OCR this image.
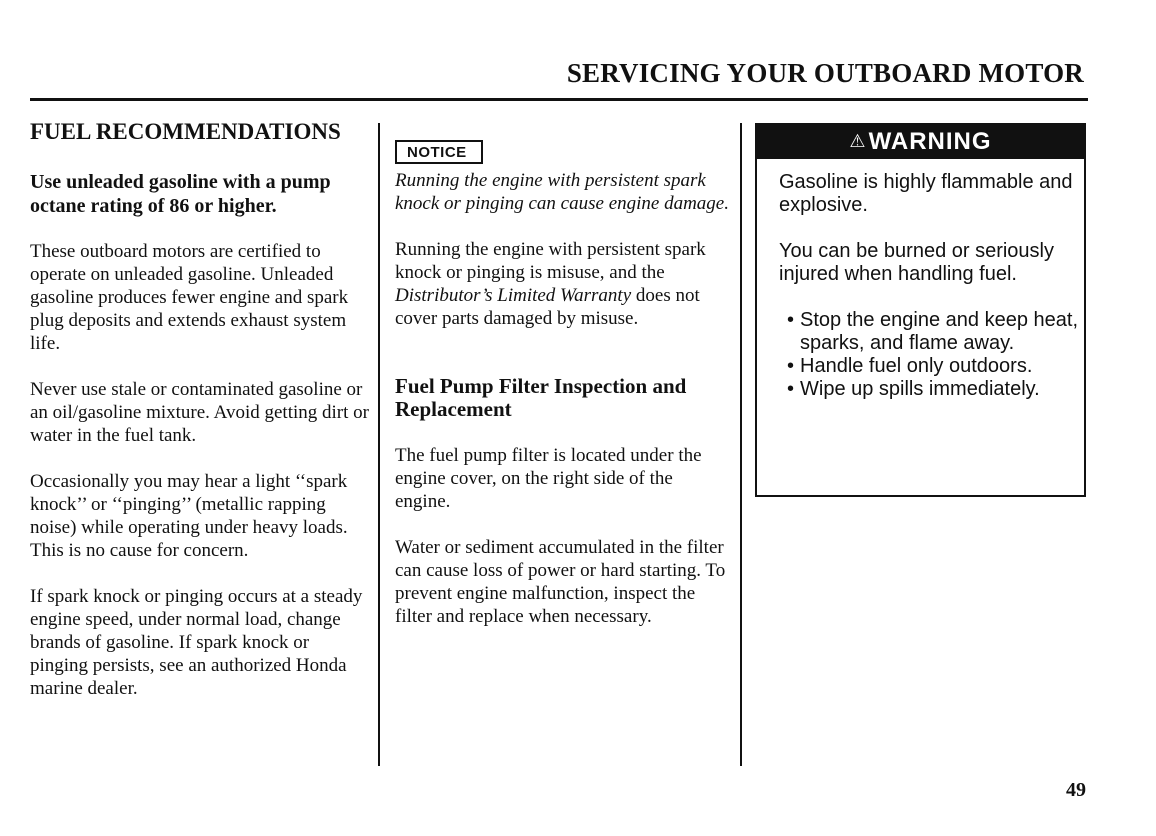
SERVICING YOUR OUTBOARD MOTOR

FUEL RECOMMENDATIONS

Use unleaded gasoline with a pump octane rating of 86 or higher.

These outboard motors are certified to operate on unleaded gasoline. Unleaded gasoline produces fewer engine and spark plug deposits and extends exhaust system life.

Never use stale or contaminated gasoline or an oil/gasoline mixture. Avoid getting dirt or water in the fuel tank.

Occasionally you may hear a light ‘‘spark knock’’ or ‘‘pinging’’ (metallic rapping noise) while operating under heavy loads. This is no cause for concern.

If spark knock or pinging occurs at a steady engine speed, under normal load, change brands of gasoline. If spark knock or pinging persists, see an authorized Honda marine dealer.

NOTICE

Running the engine with persistent spark knock or pinging can cause engine damage.

Running the engine with persistent spark knock or pinging is misuse, and the Distributor’s Limited Warranty does not cover parts damaged by misuse.

Fuel Pump Filter Inspection and Replacement

The fuel pump filter is located under the engine cover, on the right side of the engine.

Water or sediment accumulated in the filter can cause loss of power or hard starting. To prevent engine malfunction, inspect the filter and replace when necessary.

⚠ WARNING

Gasoline is highly flammable and explosive.

You can be burned or seriously injured when handling fuel.

• Stop the engine and keep heat, sparks, and flame away.
• Handle fuel only outdoors.
• Wipe up spills immediately.
49
